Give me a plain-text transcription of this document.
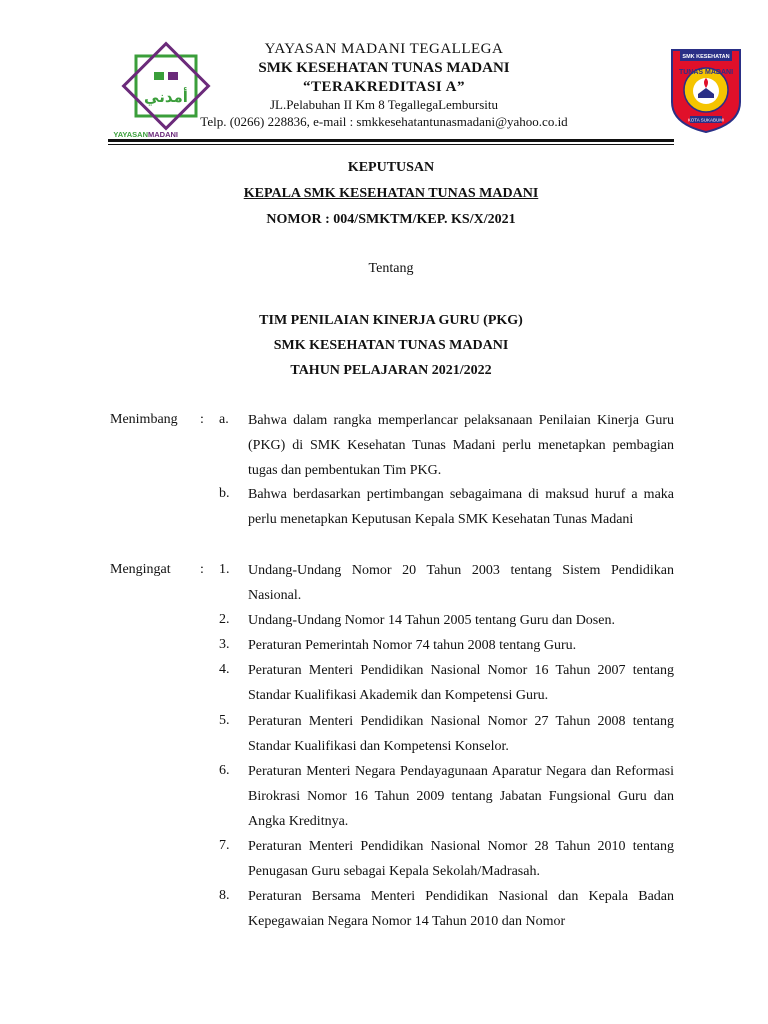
أمدني
YAYASAN MADANI
SMK KESEHATAN
TUNAS MADANI
KOTA SUKABUMI
YAYASAN MADANI TEGALLEGA
SMK KESEHATAN TUNAS MADANI
“TERAKREDITASI A”
JL.Pelabuhan II Km 8 TegallegaLembursitu
Telp. (0266) 228836, e-mail : smkkesehatantunasmadani@yahoo.co.id
KEPUTUSAN
KEPALA SMK KESEHATAN TUNAS MADANI
NOMOR : 004/SMKTM/KEP. KS/X/2021
Tentang
TIM PENILAIAN KINERJA GURU (PKG)
SMK KESEHATAN TUNAS MADANI
TAHUN PELAJARAN 2021/2022
Menimbang : a. Bahwa dalam rangka memperlancar pelaksanaan Penilaian Kinerja Guru (PKG) di SMK Kesehatan Tunas Madani perlu menetapkan pembagian tugas dan pembentukan Tim PKG.
b. Bahwa berdasarkan pertimbangan sebagaimana di maksud huruf a maka perlu menetapkan Keputusan Kepala SMK Kesehatan Tunas Madani
Mengingat : 1. Undang-Undang Nomor 20 Tahun 2003 tentang Sistem Pendidikan Nasional.
2. Undang-Undang Nomor 14 Tahun 2005 tentang Guru dan Dosen.
3. Peraturan Pemerintah Nomor 74 tahun 2008 tentang Guru.
4. Peraturan Menteri Pendidikan Nasional Nomor 16 Tahun 2007 tentang Standar Kualifikasi Akademik dan Kompetensi Guru.
5. Peraturan Menteri Pendidikan Nasional Nomor 27 Tahun 2008 tentang Standar Kualifikasi dan Kompetensi Konselor.
6. Peraturan Menteri Negara Pendayagunaan Aparatur Negara dan Reformasi Birokrasi Nomor 16 Tahun 2009 tentang Jabatan Fungsional Guru dan Angka Kreditnya.
7. Peraturan Menteri Pendidikan Nasional Nomor 28 Tahun 2010 tentang Penugasan Guru sebagai Kepala Sekolah/Madrasah.
8. Peraturan Bersama Menteri Pendidikan Nasional dan Kepala Badan Kepegawaian Negara Nomor 14 Tahun 2010 dan Nomor
